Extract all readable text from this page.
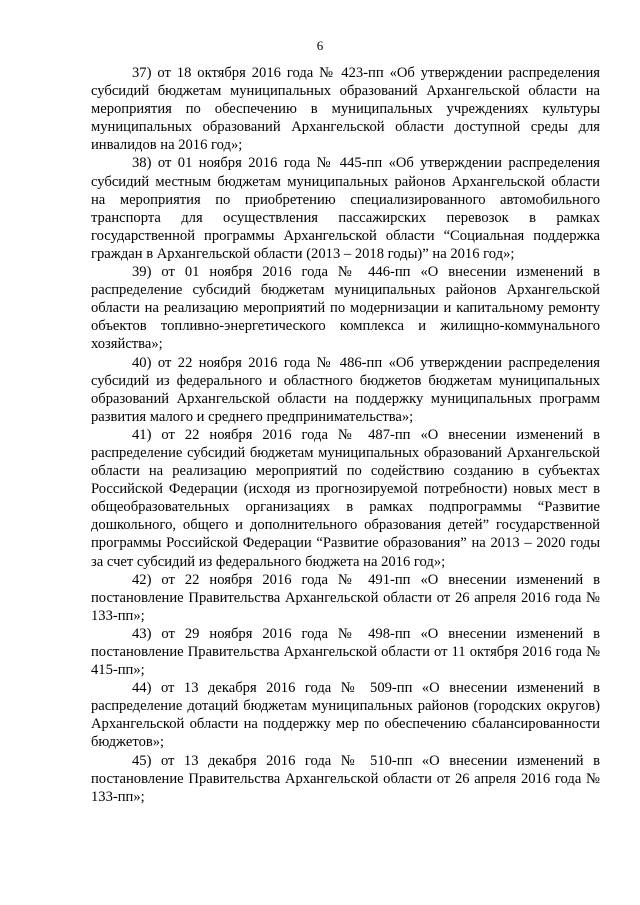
6

37) от 18 октября 2016 года № 423-пп «Об утверждении распределения субсидий бюджетам муниципальных образований Архангельской области на мероприятия по обеспечению в муниципальных учреждениях культуры муниципальных образований Архангельской области доступной среды для инвалидов на 2016 год»;

38) от 01 ноября 2016 года № 445-пп «Об утверждении распределения субсидий местным бюджетам муниципальных районов Архангельской области на мероприятия по приобретению специализированного автомобильного транспорта для осуществления пассажирских перевозок в рамках государственной программы Архангельской области “Социальная поддержка граждан в Архангельской области (2013 – 2018 годы)” на 2016 год»;

39) от 01 ноября 2016 года № 446-пп «О внесении изменений в распределение субсидий бюджетам муниципальных районов Архангельской области на реализацию мероприятий по модернизации и капитальному ремонту объектов топливно-энергетического комплекса и жилищно-коммунального хозяйства»;

40) от 22 ноября 2016 года № 486-пп «Об утверждении распределения субсидий из федерального и областного бюджетов бюджетам муниципальных образований Архангельской области на поддержку муниципальных программ развития малого и среднего предпринимательства»;

41) от 22 ноября 2016 года № 487-пп «О внесении изменений в распределение субсидий бюджетам муниципальных образований Архангельской области на реализацию мероприятий по содействию созданию в субъектах Российской Федерации (исходя из прогнозируемой потребности) новых мест в общеобразовательных организациях в рамках подпрограммы “Развитие дошкольного, общего и дополнительного образования детей” государственной программы Российской Федерации “Развитие образования” на 2013 – 2020 годы за счет субсидий из федерального бюджета на 2016 год»;

42) от 22 ноября 2016 года № 491-пп «О внесении изменений в постановление Правительства Архангельской области от 26 апреля 2016 года № 133-пп»;

43) от 29 ноября 2016 года № 498-пп «О внесении изменений в постановление Правительства Архангельской области от 11 октября 2016 года № 415-пп»;

44) от 13 декабря 2016 года № 509-пп «О внесении изменений в распределение дотаций бюджетам муниципальных районов (городских округов) Архангельской области на поддержку мер по обеспечению сбалансированности бюджетов»;

45) от 13 декабря 2016 года № 510-пп «О внесении изменений в постановление Правительства Архангельской области от 26 апреля 2016 года № 133-пп»;
